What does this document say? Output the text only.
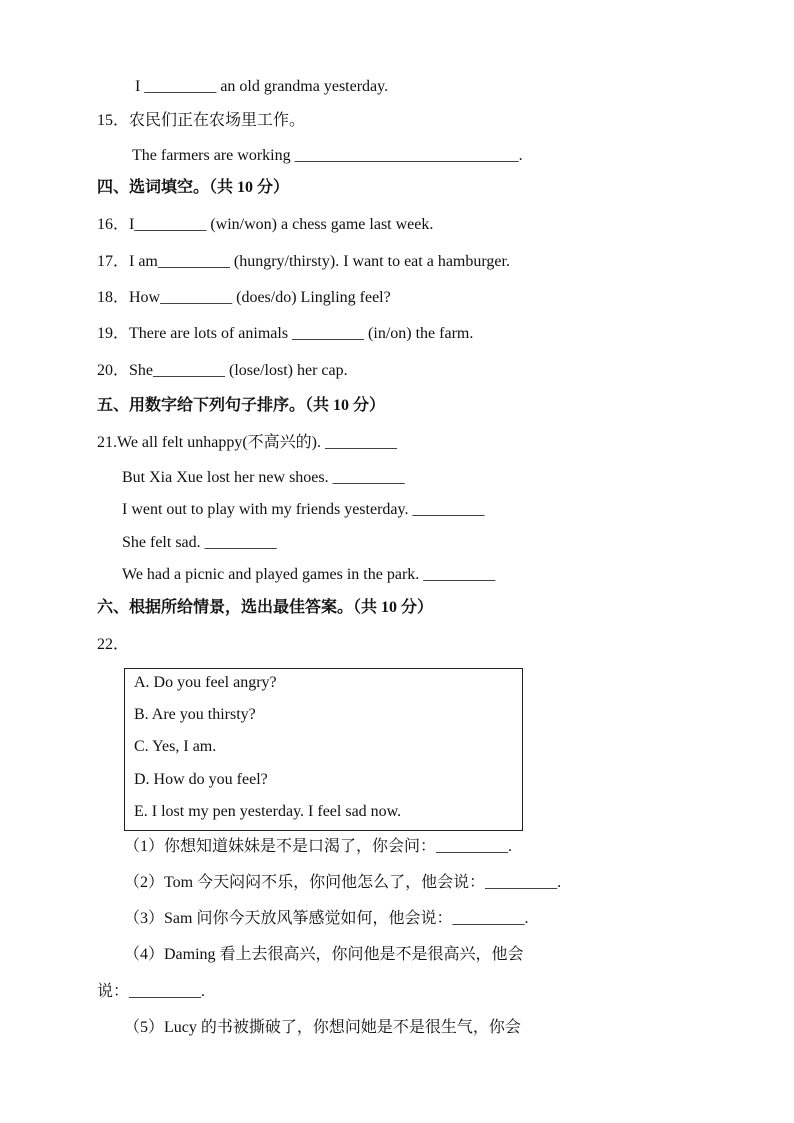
I _________ an old grandma yesterday.
15．农民们正在农场里工作。
The farmers are working ____________________________.
四、选词填空。（共 10 分）
16．I_________ (win/won) a chess game last week.
17．I am_________ (hungry/thirsty). I want to eat a hamburger.
18．How_________ (does/do) Lingling feel?
19．There are lots of animals _________ (in/on) the farm.
20．She_________ (lose/lost) her cap.
五、用数字给下列句子排序。（共 10 分）
21.We all felt unhappy(不高兴的). _________
But Xia Xue lost her new shoes. _________
I went out to play with my friends yesterday. _________
She felt sad. _________
We had a picnic and played games in the park. _________
六、根据所给情景，选出最佳答案。（共 10 分）
22．
A. Do you feel angry?
B. Are you thirsty?
C. Yes, I am.
D. How do you feel?
E. I lost my pen yesterday. I feel sad now.
（1）你想知道妹妹是不是口渴了，你会问：_________.
（2）Tom 今天闷闷不乐，你问他怎么了，他会说：_________.
（3）Sam 问你今天放风筝感觉如何，他会说：_________.
（4）Daming 看上去很高兴，你问他是不是很高兴，他会
说：_________.
（5）Lucy 的书被撕破了，你想问她是不是很生气，你会
